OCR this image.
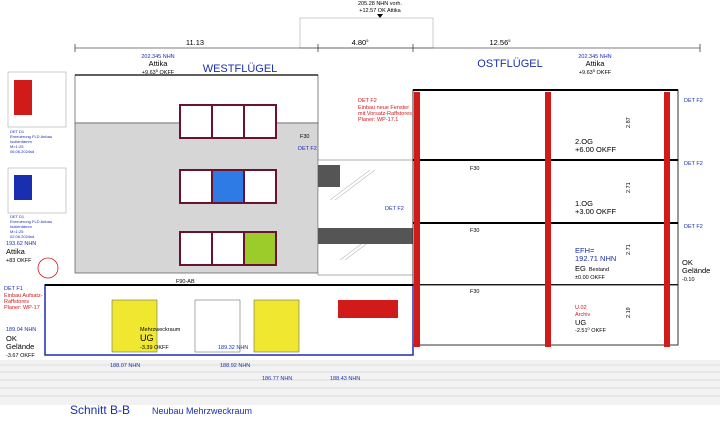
205.28 NHN vorh.
+12.57 OK Attika
11.13	4.80$^5$	12.56$^5$
WESTFLÜGEL
202.345 NHN
Attika
$+9.63^5$ OKFF
DET F2
DET F2
DET F2
Einbau neue Fenster
mit Vorsatz-Raffstores
Planer: WP-17.1
OSTFLÜGEL
202.345 NHN
Attika
$+9.63^5$ OKFF
2.OG
+6.00 OKFF
1.OG
+3.00 OKFF
EFH=
192.71 NHN
EG Bestand
±0.00 OKFF
U.02
Archiv
UG
-2.51$^0$ OKFF
OK
Gelände
-0.10
2.87
2.71
2.71
2.19
DET F2
DET F2
DET F2
F90-AB
Mehrzweckraum
UG
-3.39 OKFF
188.07 NHN	188.92 NHN
186.77 NHN	188.43 NHN
189.32 NHN
F30
F30
F30
F30
DET D1
Erneuerung FLD Anbau
Isolierdämm
M=1:25
06.06.2024sd
DET D1
Erneuerung FLD Anbau
Isolierdämm
M=1:25
02.06.2024sd
193.62 NHN
Attika
+83 OKFF
DET F1
Einbau Aufsatz-
Raffstores
Planer: WP-17
189.04 NHN
OK
Gelände
-3.67 OKFF
Schnitt B-B Neubau Mehrzweckraum
